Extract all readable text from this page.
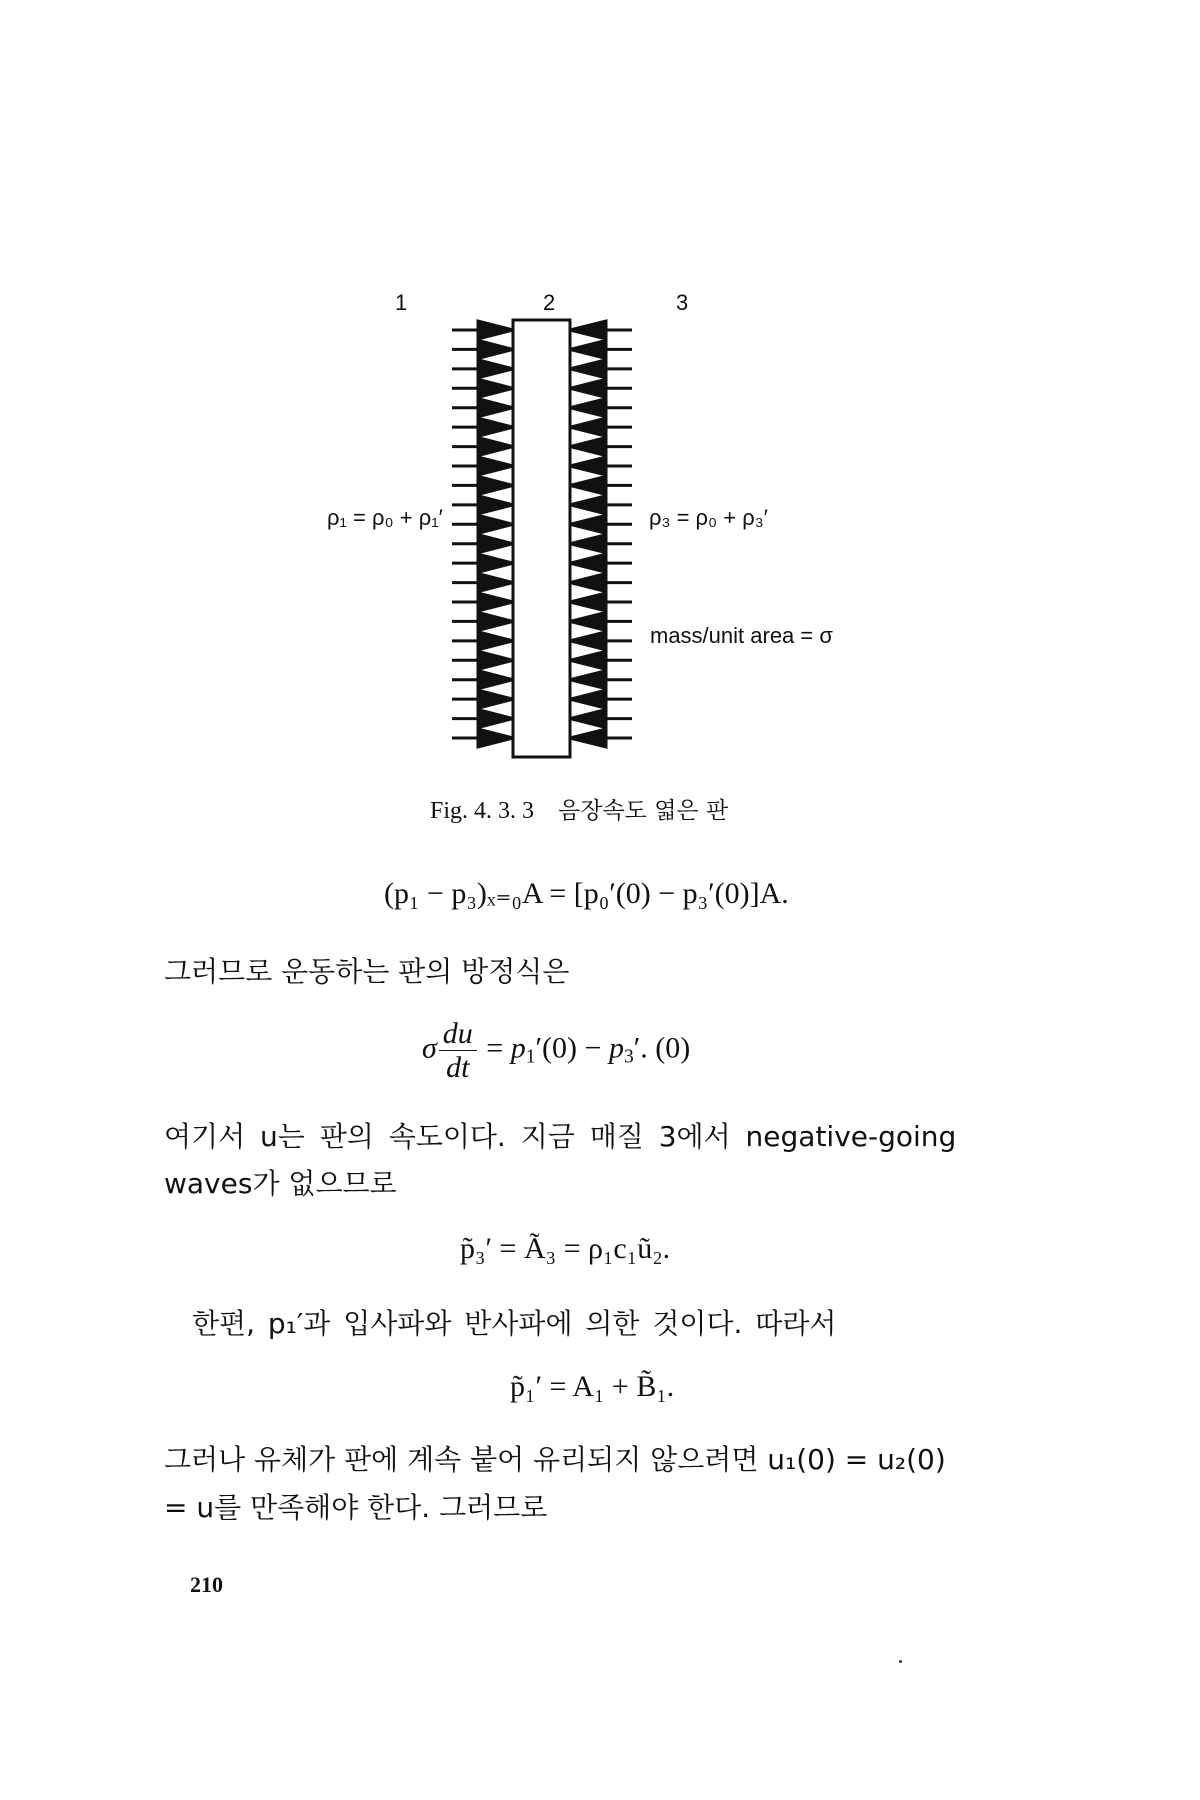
1	2	3
ρ₁ = ρ₀ + ρ₁′	ρ₃ = ρ₀ + ρ₃′
mass/unit area = σ
Fig. 4. 3. 3 음장속도 엷은 판
(p₁ − p₃)ₓ₌₀A = [p₀′(0) − p₃′(0)]A.
그러므로 운동하는 판의 방정식은
σ $\frac{du}{dt} = p_1'(0) - p_3'$. (0)
여기서 u는 판의 속도이다. 지금 매질 3에서 negative-going
waves가 없으므로
p̃₃′ = Ã₃ = ρ₁c₁ũ₂.
한편, p₁′과 입사파와 반사파에 의한 것이다. 따라서
p̃₁′ = A₁ + B̃₁.
그러나 유체가 판에 계속 붙어 유리되지 않으려면 u₁(0) = u₂(0)
= u를 만족해야 한다. 그러므로
210
